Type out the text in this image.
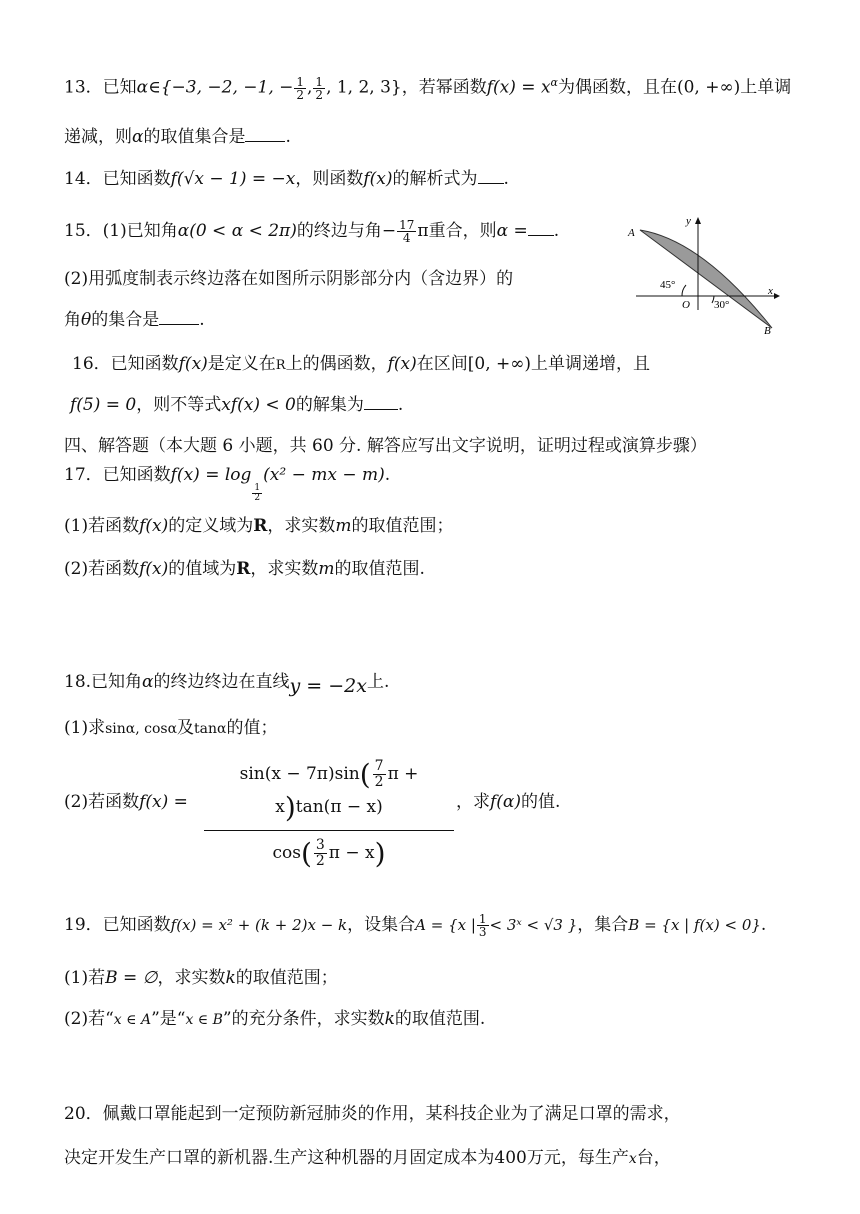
13．已知α∈{−3, −2, −1, − $\frac{1}{2}$ , $\frac{1}{2}$ , 1, 2, 3}，若幂函数$f(x) = x^\alpha$为偶函数，且在(0, +∞)上单调
递减，则α的取值集合是 .
14．已知函数f(√x − 1) = −x，则函数f(x)的解析式为 .
15．(1)已知角α(0 < α < 2π)的终边与角− $\frac{17}{4}$ π重合，则α = .
(2)用弧度制表示终边落在如图所示阴影部分内（含边界）的
角θ的集合是 .
y
x
O
A
B
45°
30°
16．已知函数f(x)是定义在R上的偶函数，f(x)在区间[0, +∞)上单调递增，且
f(5) = 0，则不等式xf(x) < 0的解集为 .
四、解答题（本大题 6 小题，共 60 分. 解答应写出文字说明，证明过程或演算步骤）
17．已知函数f(x) = log
$\frac{1}{2}$
(x² − mx − m).
(1)若函数f(x)的定义域为R，求实数m的取值范围；
(2)若函数f(x)的值域为R，求实数m的取值范围.
18.已知角α的终边终边在直线y = −2x上.
(1)求sinα, cosα及tanα的值；
(2)若函数$f(x) = \frac{\sin(x - 7\pi)\sin( \frac{7}{2} \pi + x)\tan(\pi - x)}{\cos( \frac{3}{2} \pi - x)}$ ，求f(α)的值.
19．已知函数f(x) = x² + (k + 2)x − k，设集合A = {x | $\frac{1}{3}$ < 3ˣ < √3 }，集合B = {x | f(x) < 0}.
(1)若B = ∅，求实数k的取值范围；
(2)若“x ∈ A”是“x ∈ B”的充分条件，求实数k的取值范围.
20．佩戴口罩能起到一定预防新冠肺炎的作用，某科技企业为了满足口罩的需求，
决定开发生产口罩的新机器.生产这种机器的月固定成本为400万元，每生产x台，
